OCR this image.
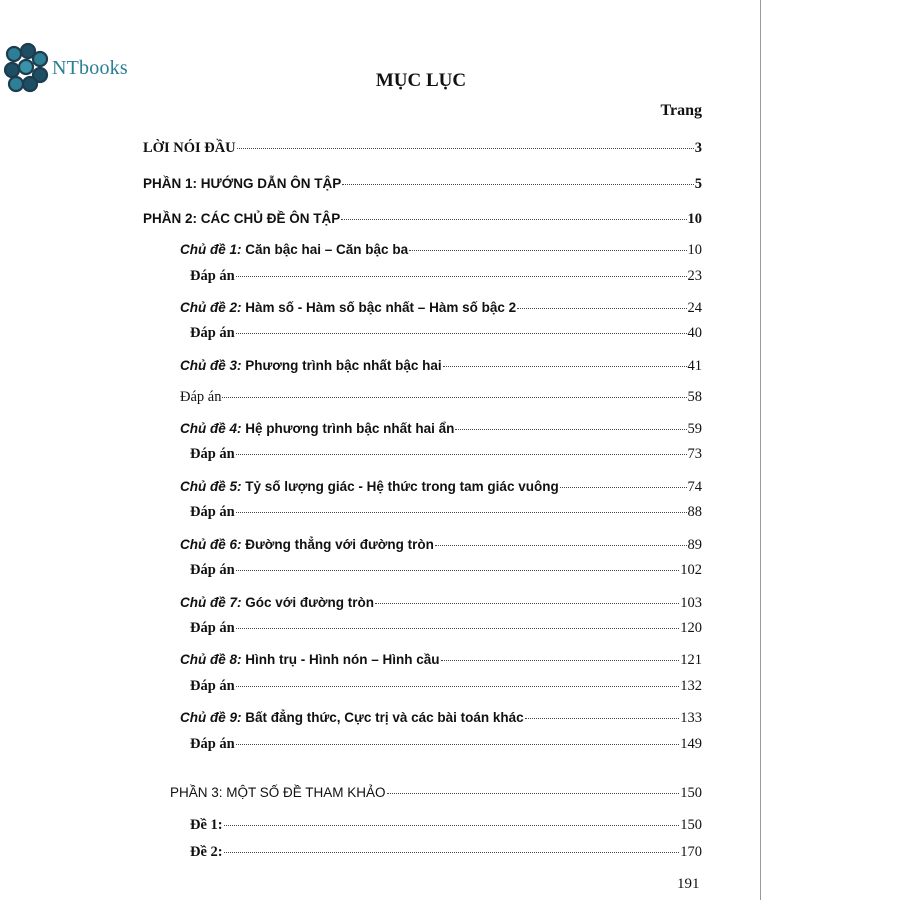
NTbooks
MỤC LỤC
Trang
LỜI NÓI ĐẦU	3
PHẦN 1: HƯỚNG DẪN ÔN TẬP	5
PHẦN 2: CÁC CHỦ ĐỀ ÔN TẬP	10
Chủ đề 1: Căn bậc hai – Căn bậc ba	10
Đáp án	23
Chủ đề 2: Hàm số - Hàm số bậc nhất – Hàm số bậc 2	24
Đáp án	40
Chủ đề 3: Phương trình bậc nhất bậc hai	41
Đáp án	58
Chủ đề 4: Hệ phương trình bậc nhất hai ẩn	59
Đáp án	73
Chủ đề 5: Tỷ số lượng giác - Hệ thức trong tam giác vuông	74
Đáp án	88
Chủ đề 6: Đường thẳng với đường tròn	89
Đáp án	102
Chủ đề 7: Góc với đường tròn	103
Đáp án	120
Chủ đề 8: Hình trụ - Hình nón – Hình cầu	121
Đáp án	132
Chủ đề 9: Bất đẳng thức, Cực trị và các bài toán khác	133
Đáp án	149
PHẦN 3: MỘT SỐ ĐỀ THAM KHẢO	150
Đề 1:	150
Đề 2:	170
191
